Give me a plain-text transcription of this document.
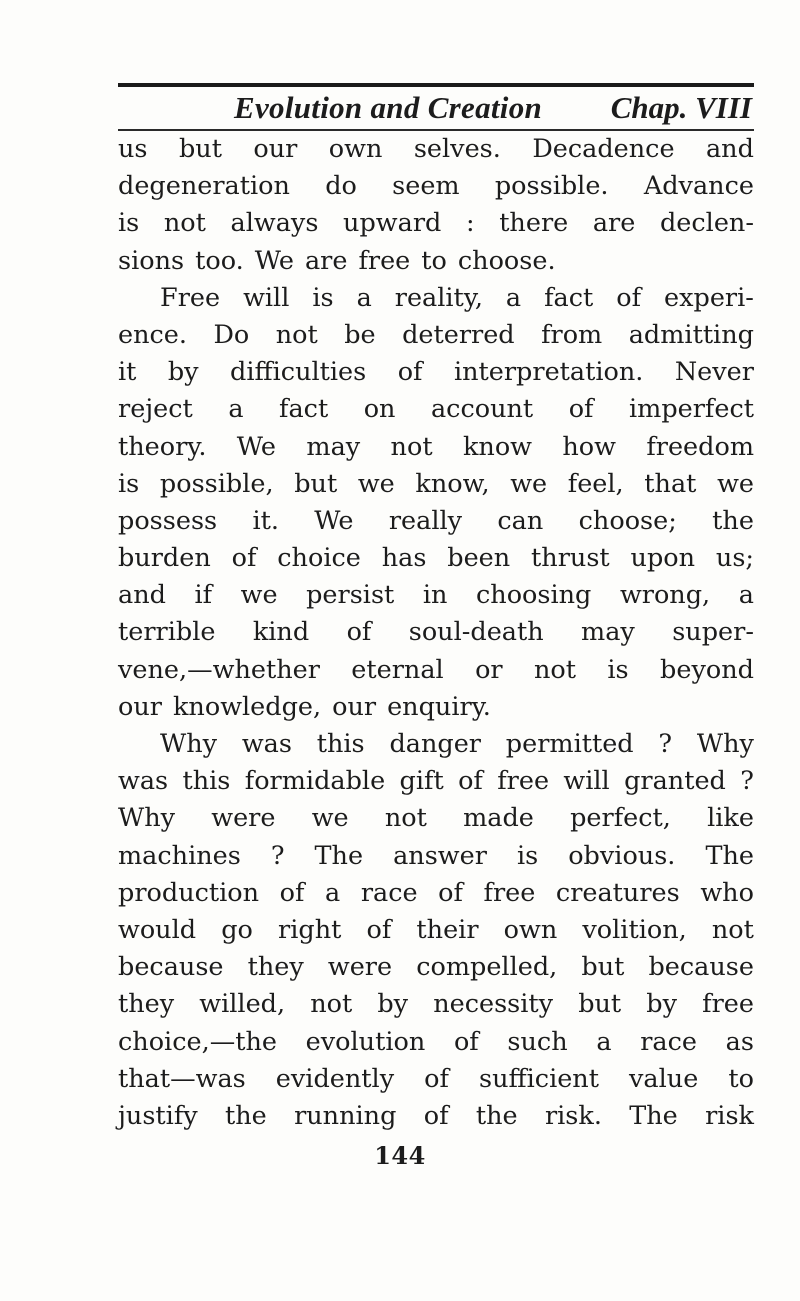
Evolution and Creation Chap. VIII
us but our own selves. Decadence and
degeneration do seem possible. Advance
is not always upward : there are declen-
sions too. We are free to choose.
Free will is a reality, a fact of experi-
ence. Do not be deterred from admitting
it by difficulties of interpretation. Never
reject a fact on account of imperfect
theory. We may not know how freedom
is possible, but we know, we feel, that we
possess it. We really can choose; the
burden of choice has been thrust upon us;
and if we persist in choosing wrong, a
terrible kind of soul-death may super-
vene,—whether eternal or not is beyond
our knowledge, our enquiry.
Why was this danger permitted ? Why
was this formidable gift of free will granted ?
Why were we not made perfect, like
machines ? The answer is obvious. The
production of a race of free creatures who
would go right of their own volition, not
because they were compelled, but because
they willed, not by necessity but by free
choice,—the evolution of such a race as
that—was evidently of sufficient value to
justify the running of the risk. The risk
144
